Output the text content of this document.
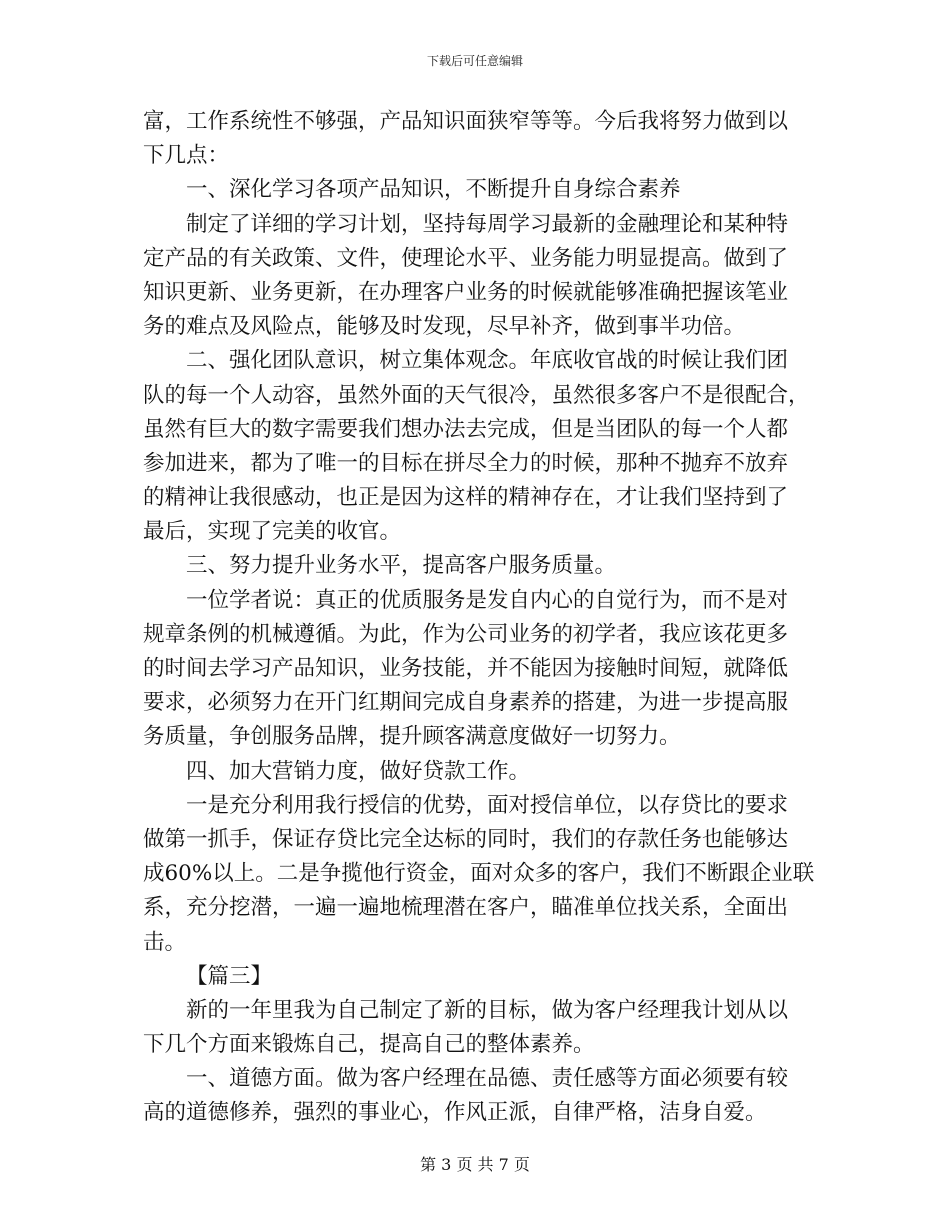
下载后可任意编辑
富，工作系统性不够强，产品知识面狭窄等等。今后我将努力做到以
下几点：
一、深化学习各项产品知识，不断提升自身综合素养
制定了详细的学习计划，坚持每周学习最新的金融理论和某种特
定产品的有关政策、文件，使理论水平、业务能力明显提高。做到了
知识更新、业务更新，在办理客户业务的时候就能够准确把握该笔业
务的难点及风险点，能够及时发现，尽早补齐，做到事半功倍。
二、强化团队意识，树立集体观念。年底收官战的时候让我们团
队的每一个人动容，虽然外面的天气很冷，虽然很多客户不是很配合，
虽然有巨大的数字需要我们想办法去完成，但是当团队的每一个人都
参加进来，都为了唯一的目标在拼尽全力的时候，那种不抛弃不放弃
的精神让我很感动，也正是因为这样的精神存在，才让我们坚持到了
最后，实现了完美的收官。
三、努力提升业务水平，提高客户服务质量。
一位学者说：真正的优质服务是发自内心的自觉行为，而不是对
规章条例的机械遵循。为此，作为公司业务的初学者，我应该花更多
的时间去学习产品知识，业务技能，并不能因为接触时间短，就降低
要求，必须努力在开门红期间完成自身素养的搭建，为进一步提高服
务质量，争创服务品牌，提升顾客满意度做好一切努力。
四、加大营销力度，做好贷款工作。
一是充分利用我行授信的优势，面对授信单位，以存贷比的要求
做第一抓手，保证存贷比完全达标的同时，我们的存款任务也能够达
成60%以上。二是争揽他行资金，面对众多的客户，我们不断跟企业联
系，充分挖潜，一遍一遍地梳理潜在客户，瞄准单位找关系，全面出
击。
【篇三】
新的一年里我为自己制定了新的目标，做为客户经理我计划从以
下几个方面来锻炼自己，提高自己的整体素养。
一、道德方面。做为客户经理在品德、责任感等方面必须要有较
高的道德修养，强烈的事业心，作风正派，自律严格，洁身自爱。
第 3 页 共 7 页
